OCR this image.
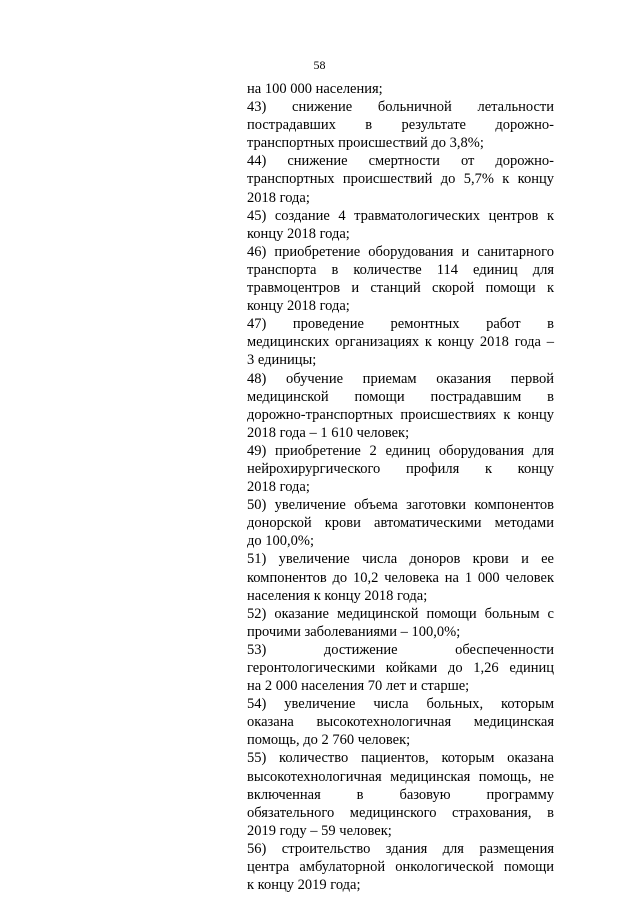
58
на 100 000 населения;
43) снижение больничной летальности
пострадавших в результате дорожно-
транспортных происшествий до 3,8%;
44) снижение смертности от дорожно-
транспортных происшествий до 5,7% к концу
2018 года;
45) создание 4 травматологических центров к
концу 2018 года;
46) приобретение оборудования и санитарного
транспорта в количестве 114 единиц для
травмоцентров и станций скорой помощи к
концу 2018 года;
47) проведение ремонтных работ в
медицинских организациях к концу 2018 года –
3 единицы;
48) обучение приемам оказания первой
медицинской помощи пострадавшим в
дорожно-транспортных происшествиях к концу
2018 года – 1 610 человек;
49) приобретение 2 единиц оборудования для
нейрохирургического профиля к концу
2018 года;
50) увеличение объема заготовки компонентов
донорской крови автоматическими методами
до 100,0%;
51) увеличение числа доноров крови и ее
компонентов до 10,2 человека на 1 000 человек
населения к концу 2018 года;
52) оказание медицинской помощи больным с
прочими заболеваниями – 100,0%;
53) достижение обеспеченности
геронтологическими койками до 1,26 единиц
на 2 000 населения 70 лет и старше;
54) увеличение числа больных, которым
оказана высокотехнологичная медицинская
помощь, до 2 760 человек;
55) количество пациентов, которым оказана
высокотехнологичная медицинская помощь, не
включенная в базовую программу
обязательного медицинского страхования, в
2019 году – 59 человек;
56) строительство здания для размещения
центра амбулаторной онкологической помощи
к концу 2019 года;
